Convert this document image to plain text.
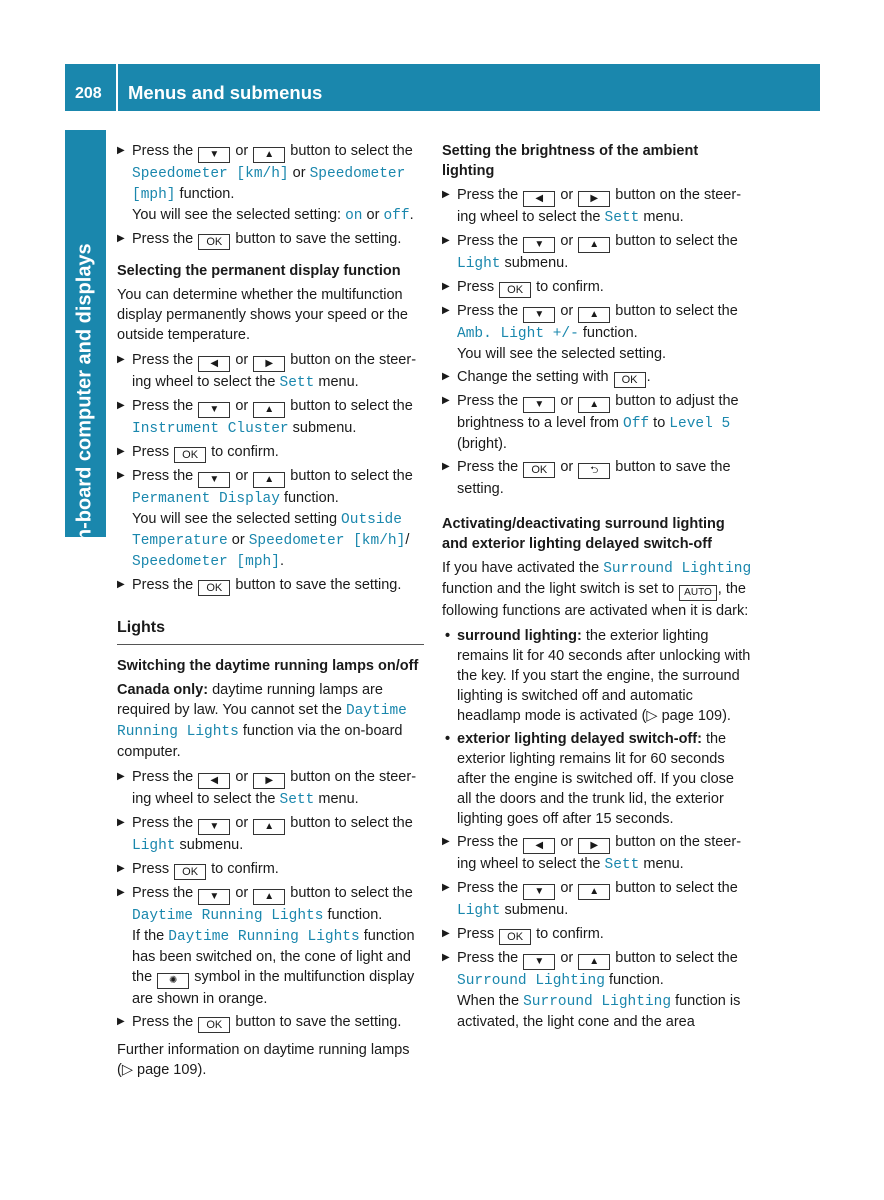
208 Menus and submenus
On-board computer and displays
▶ Press the ▼ or ▲ button to select the Speedometer [km/h] or Speedometer [mph] function.
You will see the selected setting: on or off.
▶ Press the OK button to save the setting.
Selecting the permanent display function

You can determine whether the multifunction display permanently shows your speed or the outside temperature.

▶ Press the ◀ or ▶ button on the steer- ing wheel to select the Sett menu.
▶ Press the ▼ or ▲ button to select the Instrument Cluster submenu.
▶ Press OK to confirm.
▶ Press the ▼ or ▲ button to select the Permanent Display function.
You will see the selected setting Outside Temperature or Speedometer [km/h]/ Speedometer [mph].
▶ Press the OK button to save the setting.
Lights
Switching the daytime running lamps on/off

Canada only: daytime running lamps are required by law. You cannot set the Daytime Running Lights function via the on-board computer.

▶ Press the ◀ or ▶ button on the steer- ing wheel to select the Sett menu.
▶ Press the ▼ or ▲ button to select the Light submenu.
▶ Press OK to confirm.
▶ Press the ▼ or ▲ button to select the Daytime Running Lights function.
If the Daytime Running Lights function has been switched on, the cone of light and the ✺ symbol in the multifunction display are shown in orange.
▶ Press the OK button to save the setting.

Further information on daytime running lamps (▷ page 109).

Setting the brightness of the ambient lighting
▶ Press the ◀ or ▶ button on the steer- ing wheel to select the Sett menu.
▶ Press the ▼ or ▲ button to select the Light submenu.
▶ Press OK to confirm.
▶ Press the ▼ or ▲ button to select the Amb. Light +/- function.
You will see the selected setting.
▶ Change the setting with OK .
▶ Press the ▼ or ▲ button to adjust the brightness to a level from Off to Level 5 (bright).
▶ Press the OK or ⮌ button to save the setting.
Activating/deactivating surround lighting and exterior lighting delayed switch-off

If you have activated the Surround Lighting function and the light switch is set to AUTO , the following functions are activated when it is dark:

• surround lighting: the exterior lighting remains lit for 40 seconds after unlocking with the key. If you start the engine, the surround lighting is switched off and automatic headlamp mode is activated (▷ page 109).
• exterior lighting delayed switch-off: the exterior lighting remains lit for 60 seconds after the engine is switched off. If you close all the doors and the trunk lid, the exterior lighting goes off after 15 seconds.
▶ Press the ◀ or ▶ button on the steer- ing wheel to select the Sett menu.
▶ Press the ▼ or ▲ button to select the Light submenu.
▶ Press OK to confirm.
▶ Press the ▼ or ▲ button to select the Surround Lighting function.
When the Surround Lighting function is activated, the light cone and the area
